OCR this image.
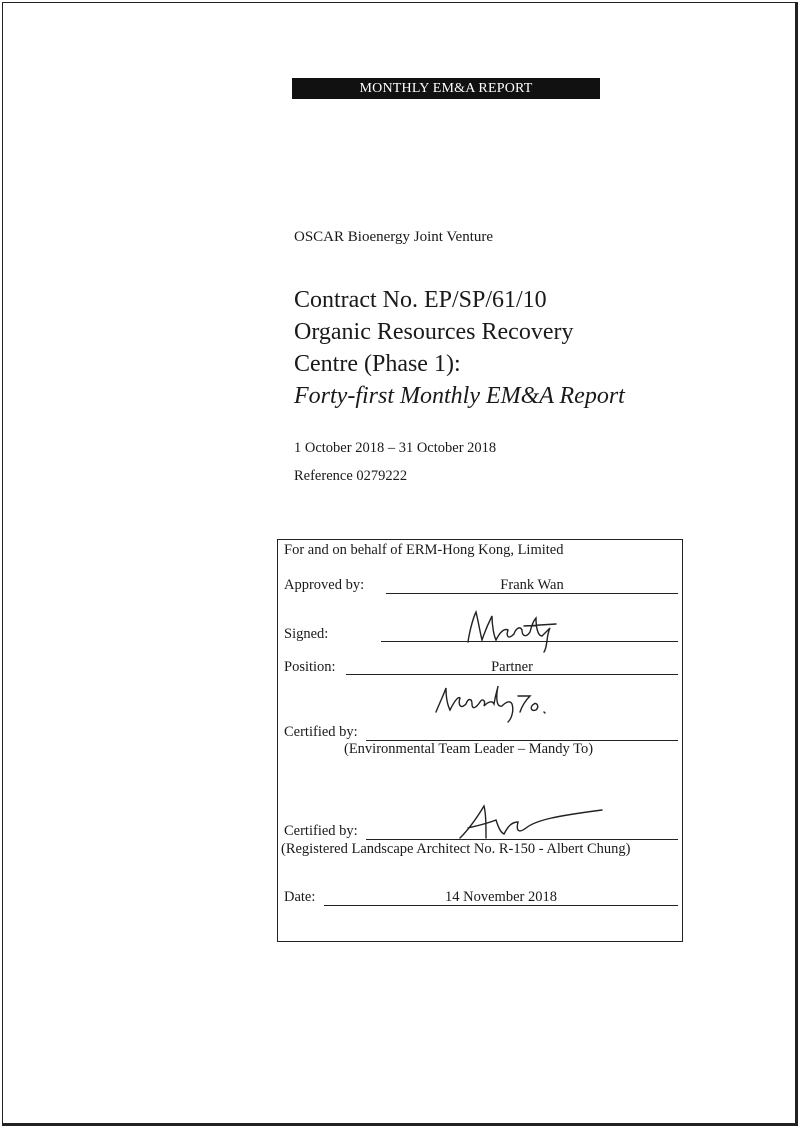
MONTHLY EM&A REPORT
OSCAR Bioenergy Joint Venture
Contract No. EP/SP/61/10
Organic Resources Recovery
Centre (Phase 1):
Forty-first Monthly EM&A Report
1 October 2018 – 31 October 2018
Reference 0279222
For and on behalf of ERM-Hong Kong, Limited
Approved by:	Frank Wan
Signed:
Position:	Partner
Certified by:
(Environmental Team Leader – Mandy To)
Certified by:
(Registered Landscape Architect No. R-150 - Albert Chung)
Date:	14 November 2018
